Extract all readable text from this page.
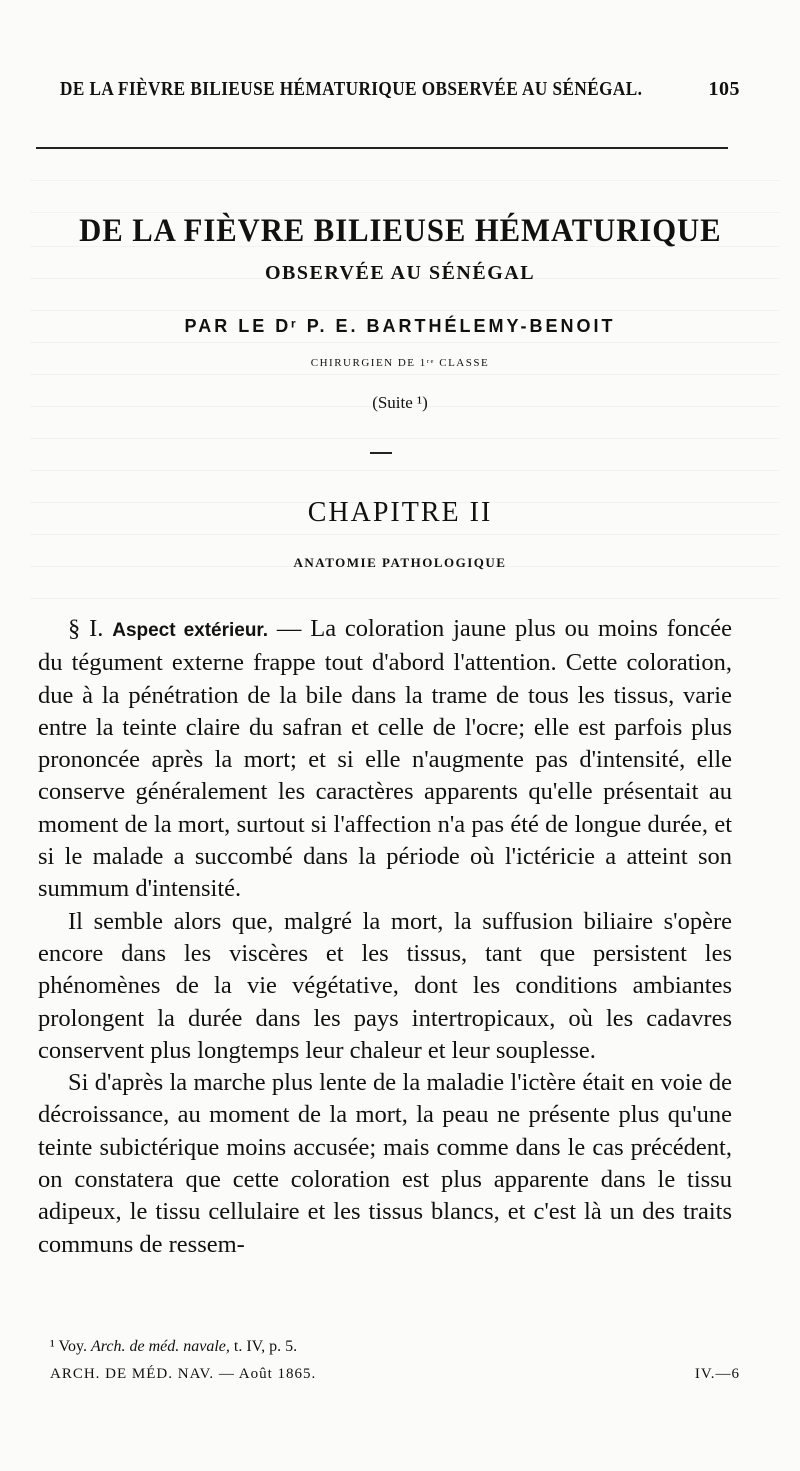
DE LA FIÈVRE BILIEUSE HÉMATURIQUE OBSERVÉE AU SÉNÉGAL.	105
DE LA FIÈVRE BILIEUSE HÉMATURIQUE
OBSERVÉE AU SÉNÉGAL
PAR LE Dʳ P. E. BARTHÉLEMY-BENOIT
CHIRURGIEN DE 1ʳᵉ CLASSE
(Suite ¹)
CHAPITRE II
ANATOMIE PATHOLOGIQUE

§ I. Aspect extérieur. — La coloration jaune plus ou moins foncée du tégument externe frappe tout d'abord l'attention. Cette coloration, due à la pénétration de la bile dans la trame de tous les tissus, varie entre la teinte claire du safran et celle de l'ocre; elle est parfois plus prononcée après la mort; et si elle n'augmente pas d'intensité, elle conserve généralement les caractères apparents qu'elle présentait au moment de la mort, surtout si l'affection n'a pas été de longue durée, et si le malade a succombé dans la période où l'ictéricie a atteint son summum d'intensité.

Il semble alors que, malgré la mort, la suffusion biliaire s'opère encore dans les viscères et les tissus, tant que persistent les phénomènes de la vie végétative, dont les conditions ambiantes prolongent la durée dans les pays intertropicaux, où les cadavres conservent plus longtemps leur chaleur et leur souplesse.

Si d'après la marche plus lente de la maladie l'ictère était en voie de décroissance, au moment de la mort, la peau ne présente plus qu'une teinte subictérique moins accusée; mais comme dans le cas précédent, on constatera que cette coloration est plus apparente dans le tissu adipeux, le tissu cellulaire et les tissus blancs, et c'est là un des traits communs de ressem-

¹ Voy. Arch. de méd. navale, t. IV, p. 5.
ARCH. DE MÉD. NAV. — Août 1865.	IV.—6
